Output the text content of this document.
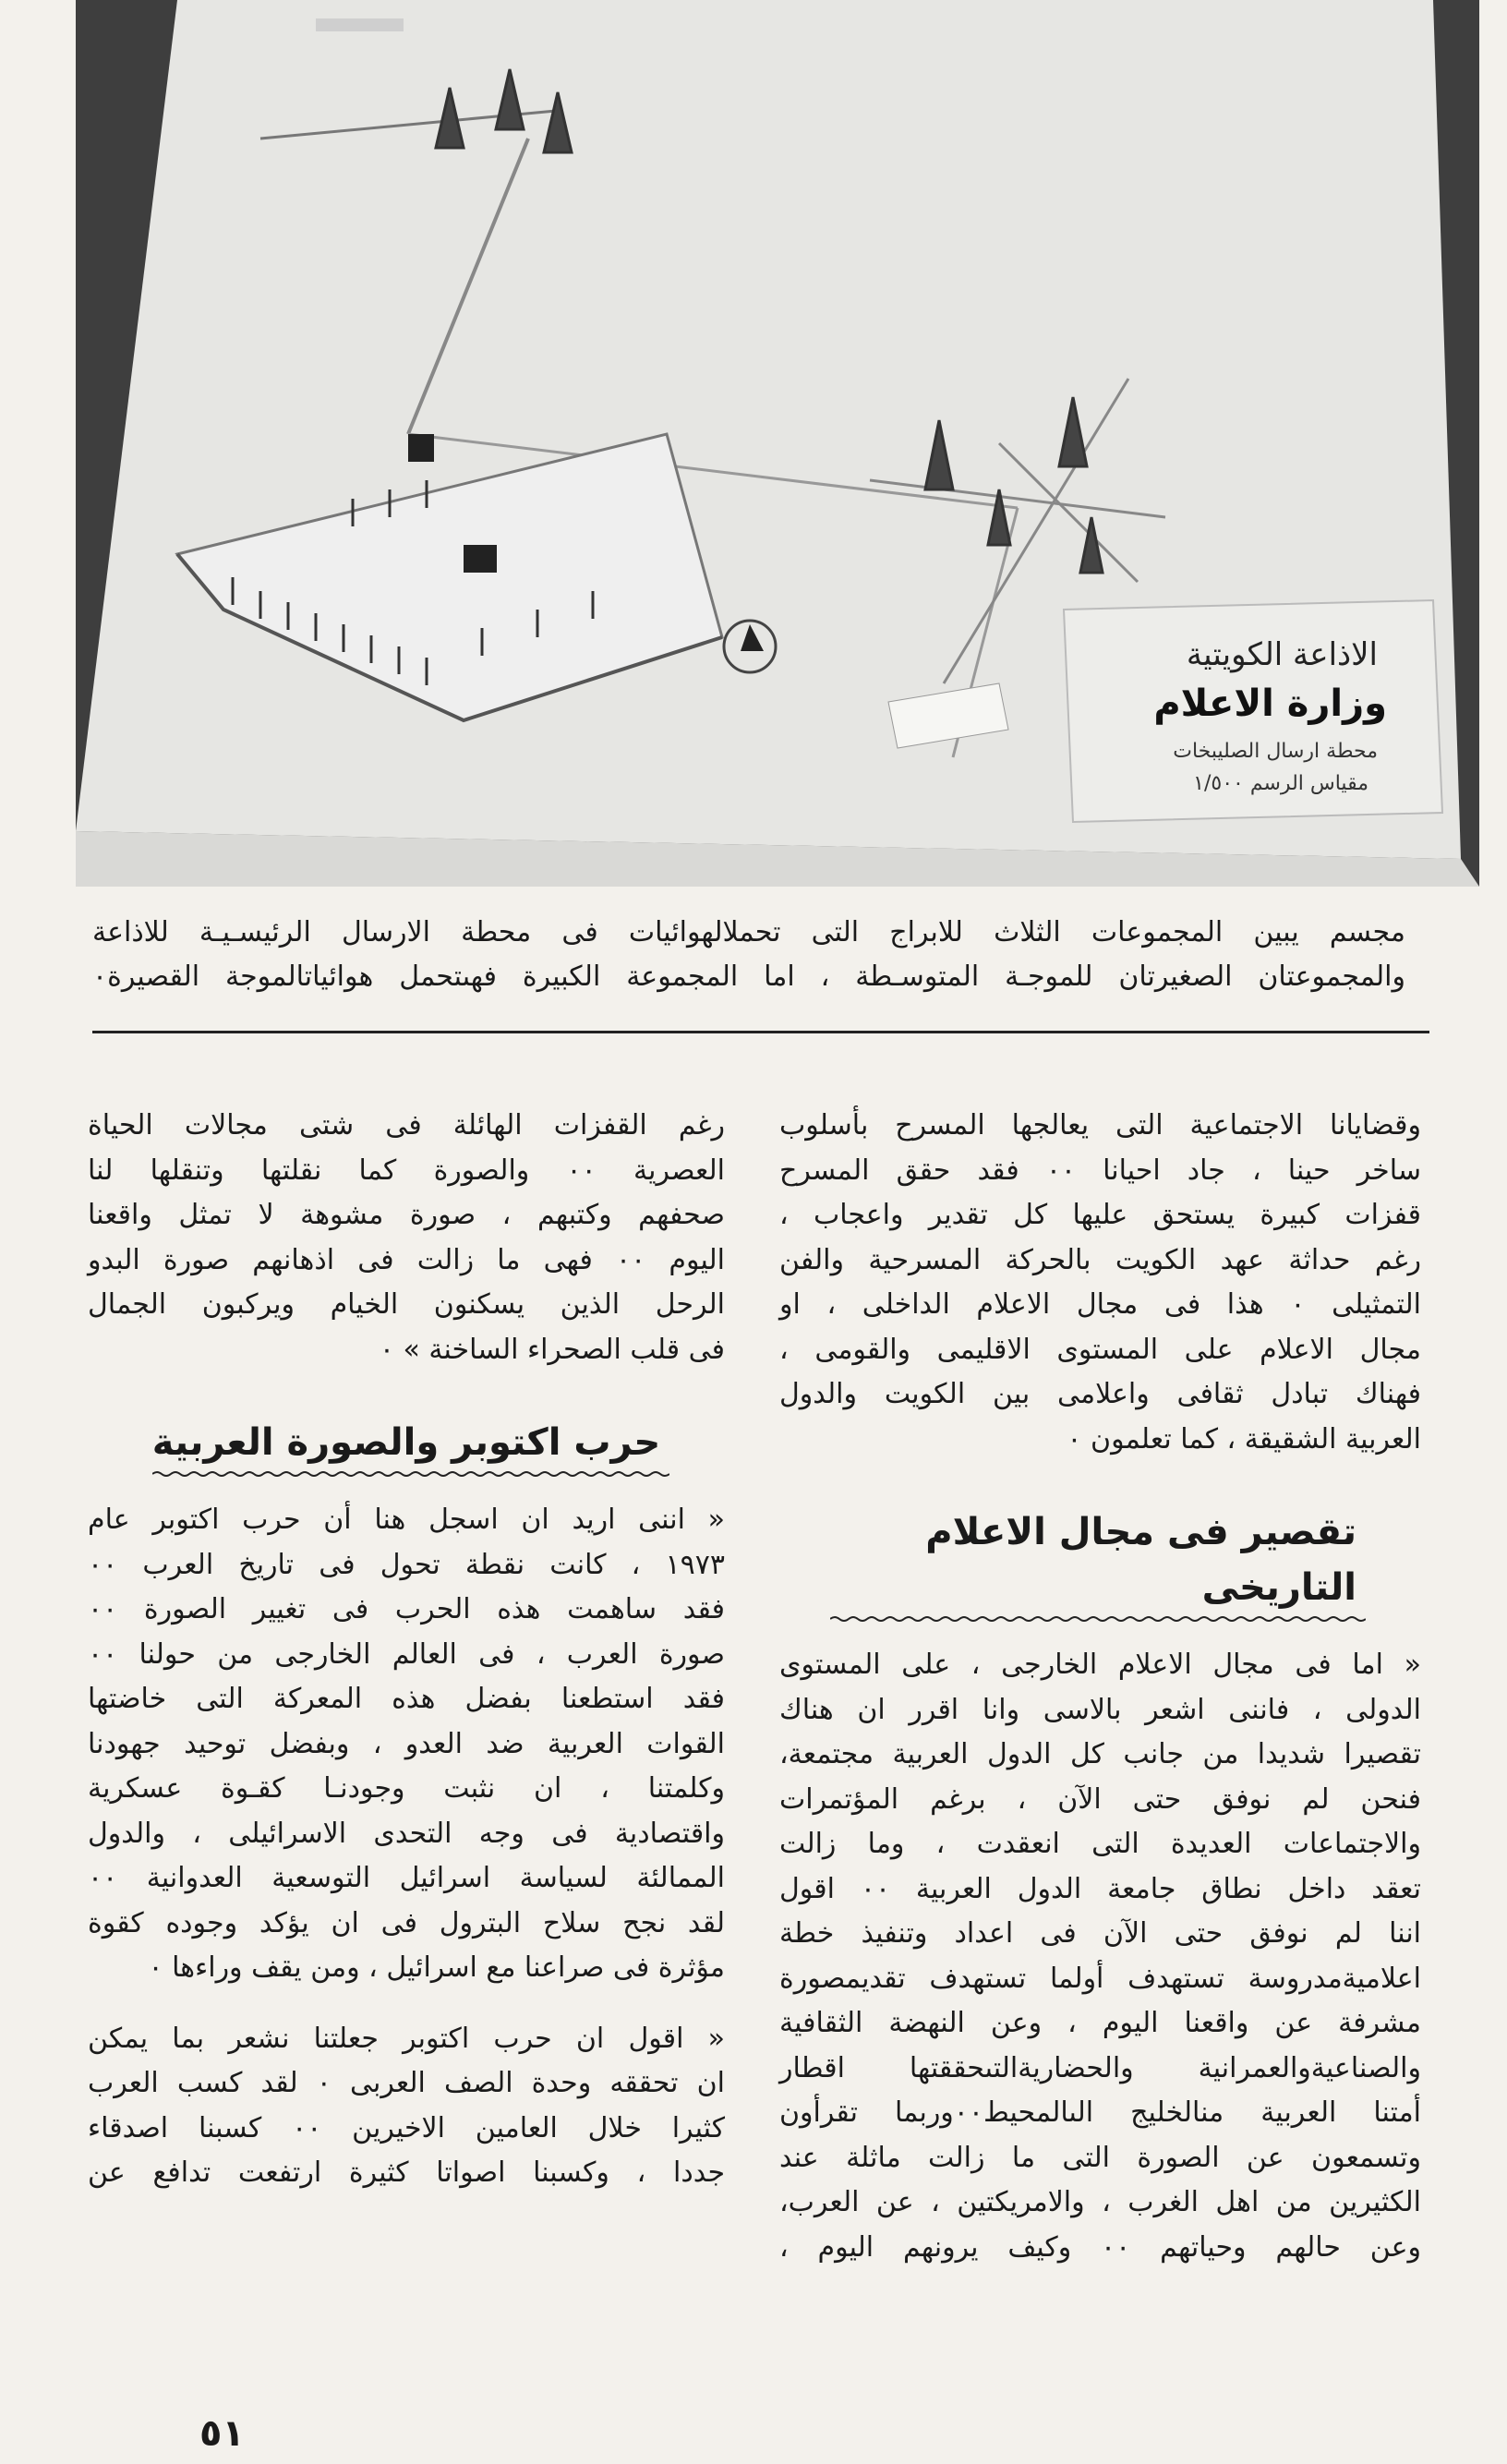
الاذاعة الكويتية
وزارة الاعلام
محطة ارسال الصليبخات
مقياس الرسم ١/٥٠٠
مجسم يبين المجموعات الثلاث للابراج التى تحملالهوائيات فى محطة الارسال الرئيسـيـة للاذاعة
والمجموعتان الصغيرتان للموجـة المتوسـطة ، اما المجموعة الكبيرة فهىتحمل هوائياتالموجة القصيرة٠

وقضايانا الاجتماعية التى يعالجها المسرح بأسلوب
ساخر حينا ، جاد احيانا ٠٠ فقد حقق المسرح
قفزات كبيرة يستحق عليها كل تقدير واعجاب ،
رغم حداثة عهد الكويت بالحركة المسرحية والفن
التمثيلى ٠ هذا فى مجال الاعلام الداخلى ، او
مجال الاعلام على المستوى الاقليمى والقومى ،
فهناك تبادل ثقافى واعلامى بين الكويت والدول
العربية الشقيقة ، كما تعلمون ٠

تقصير فى مجال الاعلام التاريخى

« اما فى مجال الاعلام الخارجى ، على المستوى
الدولى ، فاننى اشعر بالاسى وانا اقرر ان هناك
تقصيرا شديدا من جانب كل الدول العربية مجتمعة،
فنحن لم نوفق حتى الآن ، برغم المؤتمرات
والاجتماعات العديدة التى انعقدت ، وما زالت
تعقد داخل نطاق جامعة الدول العربية ٠٠ اقول
اننا لم نوفق حتى الآن فى اعداد وتنفيذ خطة
اعلاميةمدروسة تستهدف أولما تستهدف تقديمصورة
مشرفة عن واقعنا اليوم ، وعن النهضة الثقافية
والصناعيةوالعمرانية والحضاريةالتىحققتها اقطار
أمتنا العربية منالخليج الىالمحيط٠٠وربما تقرأون
وتسمعون عن الصورة التى ما زالت ماثلة عند
الكثيرين من اهل الغرب ، والامريكتين ، عن العرب،
وعن حالهم وحياتهم ٠٠ وكيف يرونهم اليوم ،

رغم القفزات الهائلة فى شتى مجالات الحياة
العصرية ٠٠ والصورة كما نقلتها وتنقلها لنا
صحفهم وكتبهم ، صورة مشوهة لا تمثل واقعنا
اليوم ٠٠ فهى ما زالت فى اذهانهم صورة البدو
الرحل الذين يسكنون الخيام ويركبون الجمال
فى قلب الصحراء الساخنة » ٠

حرب اكتوبر والصورة العربية

« اننى اريد ان اسجل هنا أن حرب اكتوبر عام
١٩٧٣ ، كانت نقطة تحول فى تاريخ العرب ٠٠
فقد ساهمت هذه الحرب فى تغيير الصورة ٠٠
صورة العرب ، فى العالم الخارجى من حولنا ٠٠
فقد استطعنا بفضل هذه المعركة التى خاضتها
القوات العربية ضد العدو ، وبفضل توحيد جهودنا
وكلمتنا ، ان نثبت وجودنـا كقـوة عسكرية
واقتصادية فى وجه التحدى الاسرائيلى ، والدول
الممالئة لسياسة اسرائيل التوسعية العدوانية ٠٠
لقد نجح سلاح البترول فى ان يؤكد وجوده كقوة
مؤثرة فى صراعنا مع اسرائيل ، ومن يقف وراءها ٠

« اقول ان حرب اكتوبر جعلتنا نشعر بما يمكن
ان تحققه وحدة الصف العربى ٠ لقد كسب العرب
كثيرا خلال العامين الاخيرين ٠٠ كسبنا اصدقاء
جددا ، وكسبنا اصواتا كثيرة ارتفعت تدافع عن

٥١
